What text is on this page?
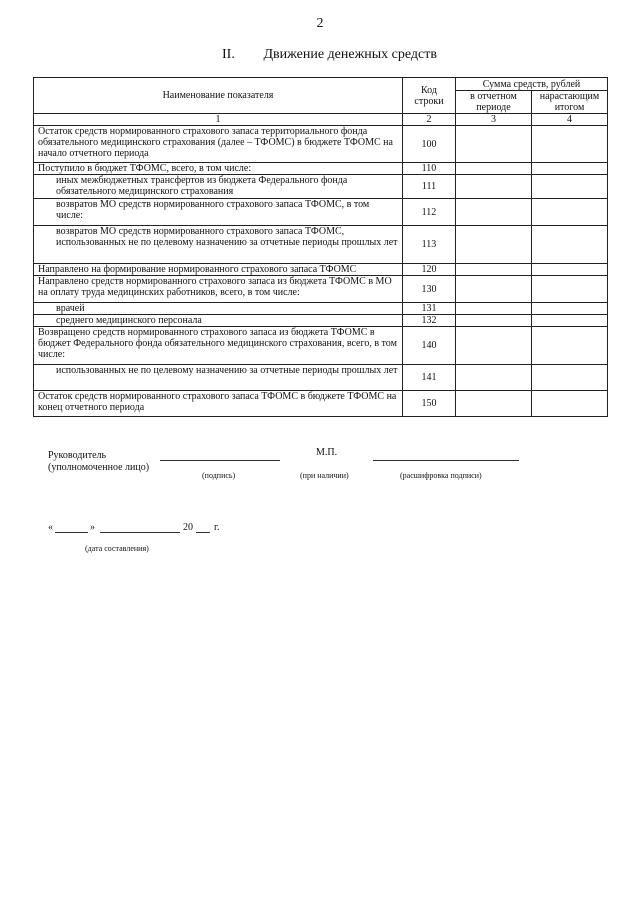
2
II. Движение денежных средств
Наименование показателя	Код строки	Сумма средств, рублей	
		в отчетном периоде	нарастающим итогом
1	2	3	4
Остаток средств нормированного страхового запаса территориального фонда обязательного медицинского страхования (далее – ТФОМС) в бюджете ТФОМС на начало отчетного периода	100		
Поступило в бюджет ТФОМС, всего, в том числе:	110		
иных межбюджетных трансфертов из бюджета Федерального фонда обязательного медицинского страхования	111		
возвратов МО средств нормированного страхового запаса ТФОМС, в том числе:	112		
возвратов МО средств нормированного страхового запаса ТФОМС, использованных не по целевому назначению за отчетные периоды прошлых лет	113		
Направлено на формирование нормированного страхового запаса ТФОМС	120		
Направлено средств нормированного страхового запаса из бюджета ТФОМС в МО на оплату труда медицинских работников, всего, в том числе:	130		
врачей	131		
среднего медицинского персонала	132		
Возвращено средств нормированного страхового запаса из бюджета ТФОМС в бюджет Федерального фонда обязательного медицинского страхования, всего, в том числе:	140		
использованных не по целевому назначению за отчетные периоды прошлых лет	141		
Остаток средств нормированного страхового запаса ТФОМС в бюджете ТФОМС на конец отчетного периода	150		
Руководитель
(уполномоченное лицо)
М.П.
(подпись)	(при наличии)	(расшифровка подписи)
«	»	20 г.
(дата составления)
